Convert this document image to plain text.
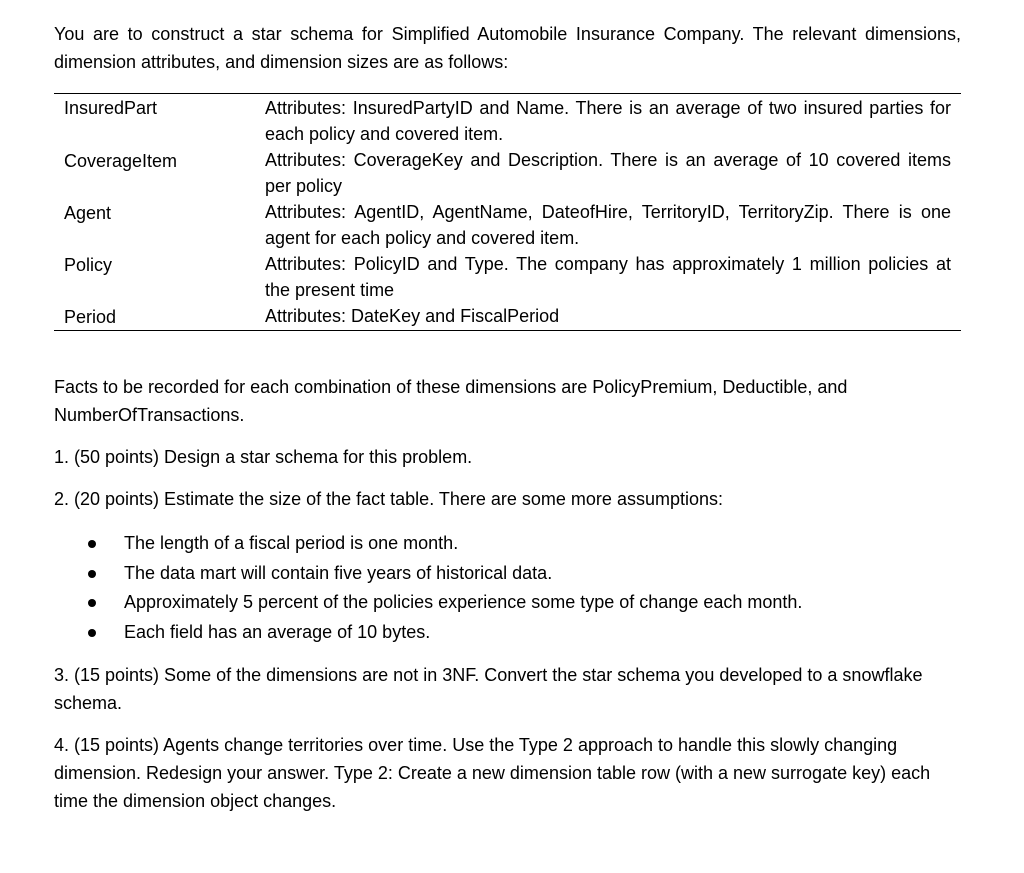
You are to construct a star schema for Simplified Automobile Insurance Company. The relevant dimensions, dimension attributes, and dimension sizes are as follows:

InsuredPart	Attributes: InsuredPartyID and Name. There is an average of two insured parties for each policy and covered item.
CoverageItem	Attributes: CoverageKey and Description. There is an average of 10 covered items per policy
Agent	Attributes: AgentID, AgentName, DateofHire, TerritoryID, TerritoryZip. There is one agent for each policy and covered item.
Policy	Attributes: PolicyID and Type. The company has approximately 1 million policies at the present time
Period	Attributes: DateKey and FiscalPeriod

Facts to be recorded for each combination of these dimensions are PolicyPremium, Deductible, and NumberOfTransactions.

1. (50 points) Design a star schema for this problem.

2. (20 points) Estimate the size of the fact table. There are some more assumptions:

The length of a fiscal period is one month.
The data mart will contain five years of historical data.
Approximately 5 percent of the policies experience some type of change each month.
Each field has an average of 10 bytes.

3. (15 points) Some of the dimensions are not in 3NF. Convert the star schema you developed to a snowflake schema.

4. (15 points) Agents change territories over time. Use the Type 2 approach to handle this slowly changing dimension. Redesign your answer. Type 2: Create a new dimension table row (with a new surrogate key) each time the dimension object changes.
